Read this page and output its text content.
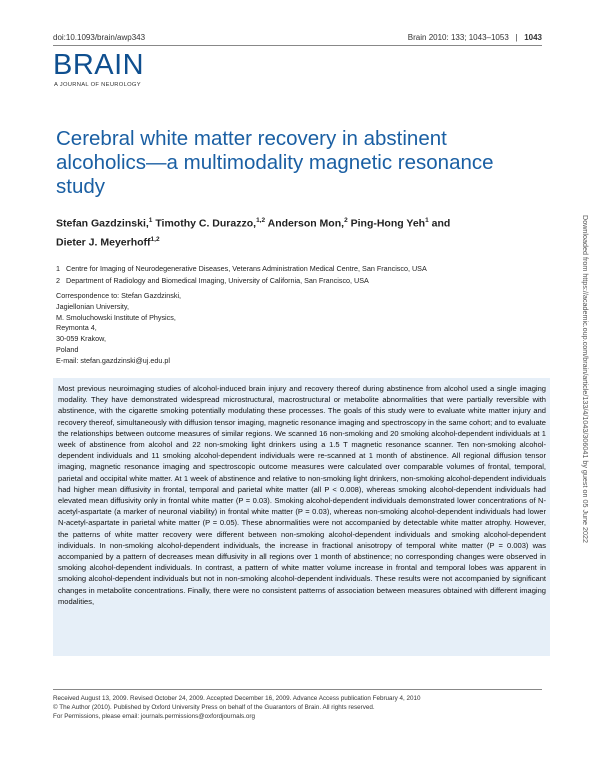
doi:10.1093/brain/awp343	Brain 2010: 133; 1043–1053 | 1043
BRAIN
A JOURNAL OF NEUROLOGY
Cerebral white matter recovery in abstinent alcoholics—a multimodality magnetic resonance study
Stefan Gazdzinski,$^1$ Timothy C. Durazzo,$^{1,2}$ Anderson Mon,$^2$ Ping-Hong Yeh$^1$ and
Dieter J. Meyerhoff$^{1,2}$
1 Centre for Imaging of Neurodegenerative Diseases, Veterans Administration Medical Centre, San Francisco, USA
2 Department of Radiology and Biomedical Imaging, University of California, San Francisco, USA
Correspondence to: Stefan Gazdzinski,
Jagiellonian University,
M. Smoluchowski Institute of Physics,
Reymonta 4,
30-059 Krakow,
Poland
E-mail: stefan.gazdzinski@uj.edu.pl

Most previous neuroimaging studies of alcohol-induced brain injury and recovery thereof during abstinence from alcohol used a single imaging modality. They have demonstrated widespread microstructural, macrostructural or metabolite abnormalities that were partially reversible with abstinence, with the cigarette smoking potentially modulating these processes. The goals of this study were to evaluate white matter injury and recovery thereof, simultaneously with diffusion tensor imaging, magnetic resonance imaging and spectroscopy in the same cohort; and to evaluate the relationships between outcome measures of similar regions. We scanned 16 non-smoking and 20 smoking alcohol-dependent individuals at 1 week of abstinence from alcohol and 22 non-smoking light drinkers using a 1.5 T magnetic resonance scanner. Ten non-smoking alcohol-dependent individuals and 11 smoking alcohol-dependent individuals were re-scanned at 1 month of abstinence. All regional diffusion tensor imaging, magnetic resonance imaging and spectroscopic outcome measures were calculated over comparable volumes of frontal, temporal, parietal and occipital white matter. At 1 week of abstinence and relative to non-smoking light drinkers, non-smoking alcohol-dependent individuals had higher mean diffusivity in frontal, temporal and parietal white matter (all P < 0.008), whereas smoking alcohol-dependent individuals had elevated mean diffusivity only in frontal white matter (P = 0.03). Smoking alcohol-dependent individuals demonstrated lower concentrations of N-acetyl-aspartate (a marker of neuronal viability) in frontal white matter (P = 0.03), whereas non-smoking alcohol-dependent individuals had lower N-acetyl-aspartate in parietal white matter (P = 0.05). These abnormalities were not accompanied by detectable white matter atrophy. However, the patterns of white matter recovery were different between non-smoking alcohol-dependent individuals and smoking alcohol-dependent individuals. In non-smoking alcohol-dependent individuals, the increase in fractional anisotropy of temporal white matter (P = 0.003) was accompanied by a pattern of decreases mean diffusivity in all regions over 1 month of abstinence; no corresponding changes were observed in smoking alcohol-dependent individuals. In contrast, a pattern of white matter volume increase in frontal and temporal lobes was apparent in smoking alcohol-dependent individuals but not in non-smoking alcohol-dependent individuals. These results were not accompanied by significant changes in metabolite concentrations. Finally, there were no consistent patterns of association between measures obtained with different imaging modalities,

Received August 13, 2009. Revised October 24, 2009. Accepted December 16, 2009. Advance Access publication February 4, 2010
© The Author (2010). Published by Oxford University Press on behalf of the Guarantors of Brain. All rights reserved.
For Permissions, please email: journals.permissions@oxfordjournals.org
Downloaded from https://academic.oup.com/brain/article/133/4/1043/306041 by guest on 05 June 2022
